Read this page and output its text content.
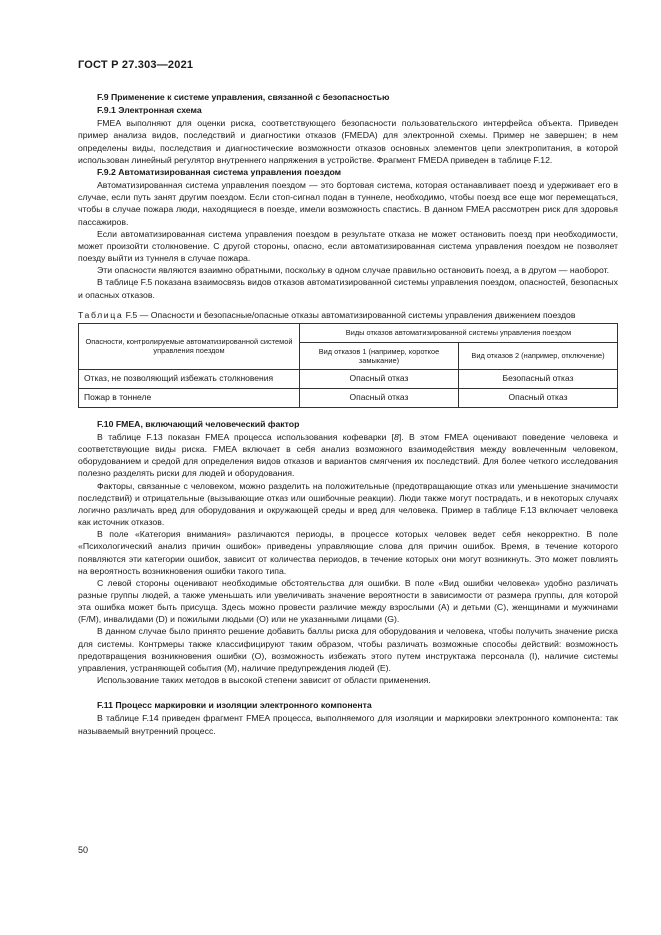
ГОСТ Р 27.303—2021
F.9 Применение к системе управления, связанной с безопасностью
F.9.1 Электронная схема

FMEA выполняют для оценки риска, соответствующего безопасности пользовательского интерфейса объекта. Приведен пример анализа видов, последствий и диагностики отказов (FMEDA) для электронной схемы. Пример не завершен; в нем определены виды, последствия и диагностические возможности отказов основных элементов цепи электропитания, в которой использован линейный регулятор внутреннего напряжения в устройстве. Фрагмент FMEDA приведен в таблице F.12.

F.9.2 Автоматизированная система управления поездом

Автоматизированная система управления поездом — это бортовая система, которая останавливает поезд и удерживает его в случае, если путь занят другим поездом. Если стоп-сигнал подан в туннеле, необходимо, чтобы поезд все еще мог перемещаться, чтобы в случае пожара люди, находящиеся в поезде, имели возможность спастись. В данном FMEA рассмотрен риск для здоровья пассажиров.

Если автоматизированная система управления поездом в результате отказа не может остановить поезд при необходимости, может произойти столкновение. С другой стороны, опасно, если автоматизированная система управления поездом не позволяет поезду выйти из туннеля в случае пожара.

Эти опасности являются взаимно обратными, поскольку в одном случае правильно остановить поезд, а в другом — наоборот.

В таблице F.5 показана взаимосвязь видов отказов автоматизированной системы управления поездом, опасностей, безопасных и опасных отказов.

Таблица F.5 — Опасности и безопасные/опасные отказы автоматизированной системы управления движением поездов

Опасности, контролируемые автоматизированной системой управления поездом	Виды отказов автоматизированной системы управления поездом	
	Вид отказов 1 (например, короткое замыкание)	Вид отказов 2 (например, отключение)
Отказ, не позволяющий избежать столкновения	Опасный отказ	Безопасный отказ
Пожар в тоннеле	Опасный отказ	Опасный отказ
F.10 FMEA, включающий человеческий фактор

В таблице F.13 показан FMEA процесса использования кофеварки [8]. В этом FMEA оценивают поведение человека и соответствующие виды риска. FMEA включает в себя анализ возможного взаимодействия между вовлеченным человеком, оборудованием и средой для определения видов отказов и вариантов смягчения их последствий. Для более четкого исследования полезно разделять риски для людей и оборудования.

Факторы, связанные с человеком, можно разделить на положительные (предотвращающие отказ или уменьшение значимости последствий) и отрицательные (вызывающие отказ или ошибочные реакции). Люди также могут пострадать, и в некоторых случаях логично различать вред для оборудования и окружающей среды и вред для человека. Пример в таблице F.13 включает человека как источник отказов.

В поле «Категория внимания» различаются периоды, в процессе которых человек ведет себя некорректно. В поле «Психологический анализ причин ошибок» приведены управляющие слова для причин ошибок. Время, в течение которого появляются эти категории ошибок, зависит от количества периодов, в течение которых они могут возникнуть. Это может повлиять на вероятность возникновения ошибки такого типа.

С левой стороны оценивают необходимые обстоятельства для ошибки. В поле «Вид ошибки человека» удобно различать разные группы людей, а также уменьшать или увеличивать значение вероятности в зависимости от размера группы, для которой эта ошибка может быть присуща. Здесь можно провести различие между взрослыми (A) и детьми (C), женщинами и мужчинами (F/M), инвалидами (D) и пожилыми людьми (O) или не указанными лицами (G).

В данном случае было принято решение добавить баллы риска для оборудования и человека, чтобы получить значение риска для системы. Контрмеры также классифицируют таким образом, чтобы различать возможные способы действий: возможность предотвращения возникновения ошибки (O), возможность избежать этого путем инструктажа персонала (I), наличие системы управления, устраняющей события (M), наличие предупреждения людей (E).

Использование таких методов в высокой степени зависит от области применения.

F.11 Процесс маркировки и изоляции электронного компонента

В таблице F.14 приведен фрагмент FMEA процесса, выполняемого для изоляции и маркировки электронного компонента: так называемый внутренний процесс.

50
